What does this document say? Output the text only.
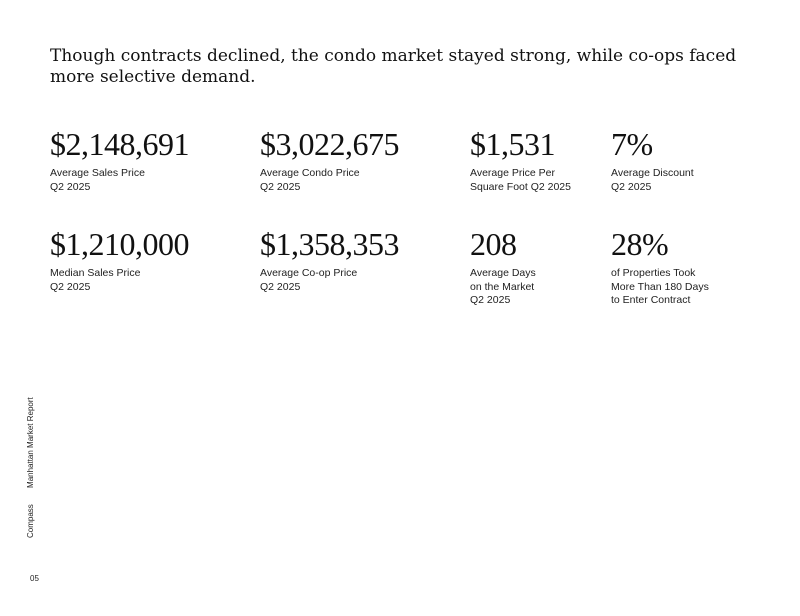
Though contracts declined, the condo market stayed strong, while co-ops faced more selective demand.
$2,148,691
Average Sales Price
Q2 2025
$3,022,675
Average Condo Price
Q2 2025
$1,531
Average Price Per
Square Foot Q2 2025
7%
Average Discount
Q2 2025
$1,210,000
Median Sales Price
Q2 2025
$1,358,353
Average Co-op Price
Q2 2025
208
Average Days
on the Market
Q2 2025
28%
of Properties Took
More Than 180 Days
to Enter Contract
Compass Manhattan Market Report
05
